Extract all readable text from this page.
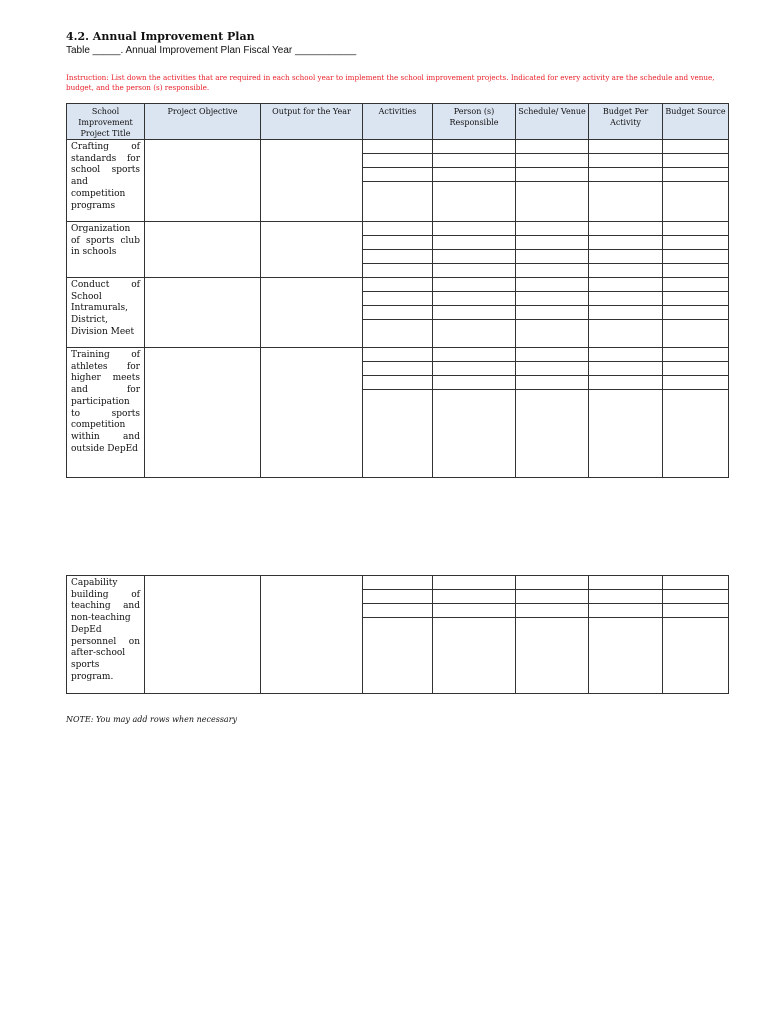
4.2. Annual Improvement Plan
Table _____. Annual Improvement Plan Fiscal Year ___________
Instruction: List down the activities that are required in each school year to implement the school improvement projects. Indicated for every activity are the schedule and venue, budget, and the person (s) responsible.
School Improvement Project Title	Project Objective	Output for the Year	Activities	Person (s) Responsible	Schedule/ Venue	Budget Per Activity	Budget Source
Crafting of standards for school sports and competition programs							

Organization of sports club in schools							

Conduct of School Intramurals, District, Division Meet							

Training of athletes for higher meets and for participation to sports competition within and outside DepEd							

Capability building of teaching and non-teaching DepEd personnel on after-school sports program.							

NOTE: You may add rows when necessary
